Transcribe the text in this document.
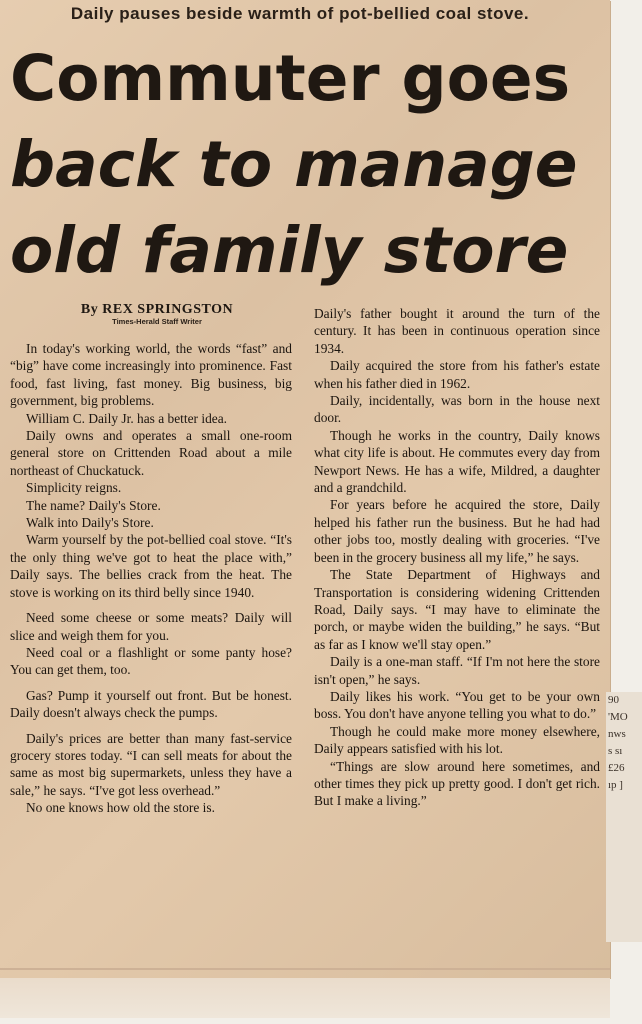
Daily pauses beside warmth of pot-bellied coal stove.
Commuter goes
back to manage
old family store
By REX SPRINGSTON
Times-Herald Staff Writer

In today's working world, the words “fast” and “big” have come increasingly into prominence. Fast food, fast living, fast money. Big business, big government, big problems.

William C. Daily Jr. has a better idea.

Daily owns and operates a small one-room general store on Crittenden Road about a mile northeast of Chuckatuck.

Simplicity reigns.

The name? Daily's Store.

Walk into Daily's Store.

Warm yourself by the pot-bellied coal stove. “It's the only thing we've got to heat the place with,” Daily says. The bellies crack from the heat. The stove is working on its third belly since 1940.

Need some cheese or some meats? Daily will slice and weigh them for you.

Need coal or a flashlight or some panty hose? You can get them, too.

Gas? Pump it yourself out front. But be honest. Daily doesn't always check the pumps.

Daily's prices are better than many fast-service grocery stores today. “I can sell meats for about the same as most big supermarkets, unless they have a sale,” he says. “I've got less overhead.”

No one knows how old the store is.

Daily's father bought it around the turn of the century. It has been in continuous operation since 1934.

Daily acquired the store from his father's estate when his father died in 1962.

Daily, incidentally, was born in the house next door.

Though he works in the country, Daily knows what city life is about. He commutes every day from Newport News. He has a wife, Mildred, a daughter and a grandchild.

For years before he acquired the store, Daily helped his father run the business. But he had had other jobs too, mostly dealing with groceries. “I've been in the grocery business all my life,” he says.

The State Department of Highways and Transportation is considering widening Crittenden Road, Daily says. “I may have to eliminate the porch, or maybe widen the building,” he says. “But as far as I know we'll stay open.”

Daily is a one-man staff. “If I'm not here the store isn't open,” he says.

Daily likes his work. “You get to be your own boss. You don't have anyone telling you what to do.”

Though he could make more money elsewhere, Daily appears satisfied with his lot.

“Things are slow around here sometimes, and other times they pick up pretty good. I don't get rich. But I make a living.”

90
'MO
nws
s sı
£26
ıp ]
